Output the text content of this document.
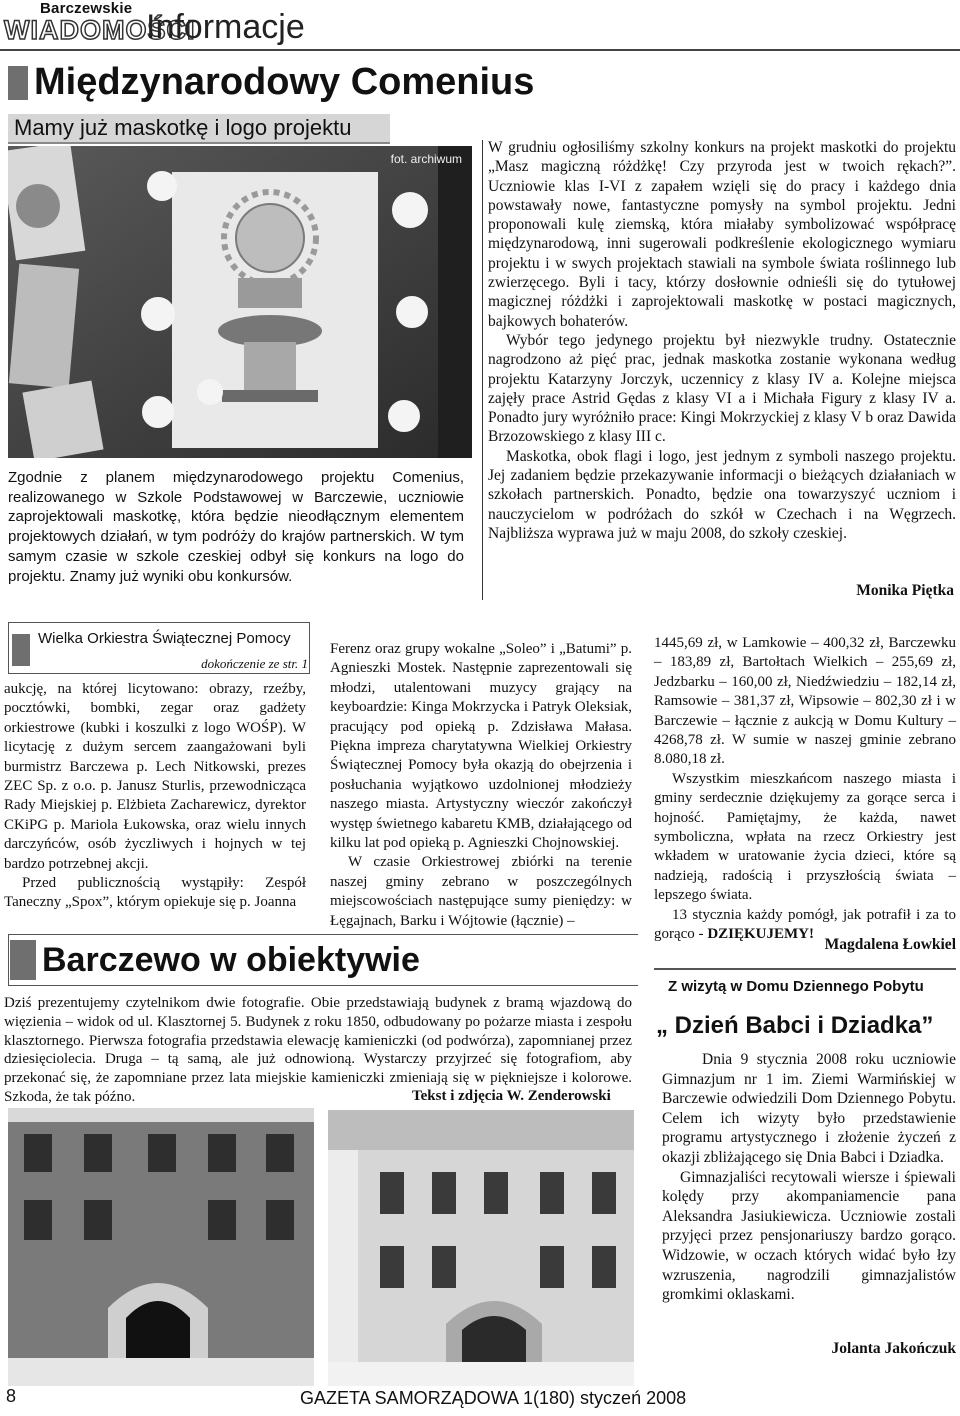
Barczewskie
WIADOMOŚCI
Informacje
Międzynarodowy Comenius
Mamy już maskotkę i logo projektu
fot. archiwum
Zgodnie z planem międzynarodowego projektu Comenius, realizowanego w Szkole Podstawowej w Barczewie, uczniowie zaprojektowali maskotkę, która będzie nieodłącznym elementem projektowych działań, w tym podróży do krajów partnerskich. W tym samym czasie w szkole czeskiej odbył się konkurs na logo do projektu. Znamy już wyniki obu konkursów.

W grudniu ogłosiliśmy szkolny konkurs na projekt maskotki do projektu „Masz magiczną różdżkę! Czy przyroda jest w twoich rękach?”. Uczniowie klas I-VI z zapałem wzięli się do pracy i każdego dnia powstawały nowe, fantastyczne pomysły na symbol projektu. Jedni proponowali kulę ziemską, która miałaby symbolizować współpracę międzynarodową, inni sugerowali podkreślenie ekologicznego wymiaru projektu i w swych projektach stawiali na symbole świata roślinnego lub zwierzęcego. Byli i tacy, którzy dosłownie odnieśli się do tytułowej magicznej różdżki i zaprojektowali maskotkę w postaci magicznych, bajkowych bohaterów.

Wybór tego jedynego projektu był niezwykle trudny. Ostatecznie nagrodzono aż pięć prac, jednak maskotka zostanie wykonana według projektu Katarzyny Jorczyk, uczennicy z klasy IV a. Kolejne miejsca zajęły prace Astrid Gędas z klasy VI a i Michała Figury z klasy IV a. Ponadto jury wyróżniło prace: Kingi Mokrzyckiej z klasy V b oraz Dawida Brzozowskiego z klasy III c.

Maskotka, obok flagi i logo, jest jednym z symboli naszego projektu. Jej zadaniem będzie przekazywanie informacji o bieżących działaniach w szkołach partnerskich. Ponadto, będzie ona towarzyszyć uczniom i nauczycielom w podróżach do szkół w Czechach i na Węgrzech. Najbliższa wyprawa już w maju 2008, do szkoły czeskiej.

Monika Piętka
Wielka Orkiestra Świątecznej Pomocy
dokończenie ze str. 1

aukcję, na której licytowano: obrazy, rzeźby, pocztówki, bombki, zegar oraz gadżety orkiestrowe (kubki i koszulki z logo WOŚP). W licytację z dużym sercem zaangażowani byli burmistrz Barczewa p. Lech Nitkowski, prezes ZEC Sp. z o.o. p. Janusz Sturlis, przewodnicząca Rady Miejskiej p. Elżbieta Zacharewicz, dyrektor CKiPG p. Mariola Łukowska, oraz wielu innych darczyńców, osób życzliwych i hojnych w tej bardzo potrzebnej akcji.

Przed publicznością wystąpiły: Zespół Taneczny „Spox”, którym opiekuje się p. Joanna

Ferenz oraz grupy wokalne „Soleo” i „Batumi” p. Agnieszki Mostek. Następnie zaprezentowali się młodzi, utalentowani muzycy grający na keyboardzie: Kinga Mokrzycka i Patryk Oleksiak, pracujący pod opieką p. Zdzisława Małasa. Piękna impreza charytatywna Wielkiej Orkiestry Świątecznej Pomocy była okazją do obejrzenia i posłuchania wyjątkowo uzdolnionej młodzieży naszego miasta. Artystyczny wieczór zakończył występ świetnego kabaretu KMB, działającego od kilku lat pod opieką p. Agnieszki Chojnowskiej.

W czasie Orkiestrowej zbiórki na terenie naszej gminy zebrano w poszczególnych miejscowościach następujące sumy pieniędzy: w Łęgajnach, Barku i Wójtowie (łącznie) –

1445,69 zł, w Lamkowie – 400,32 zł, Barczewku – 183,89 zł, Bartołtach Wielkich – 255,69 zł, Jedzbarku – 160,00 zł, Niedźwiedziu – 182,14 zł, Ramsowie – 381,37 zł, Wipsowie – 802,30 zł i w Barczewie – łącznie z aukcją w Domu Kultury – 4268,78 zł. W sumie w naszej gminie zebrano 8.080,18 zł.

Wszystkim mieszkańcom naszego miasta i gminy serdecznie dziękujemy za gorące serca i hojność. Pamiętajmy, że każda, nawet symboliczna, wpłata na rzecz Orkiestry jest wkładem w uratowanie życia dzieci, które są nadzieją, radością i przyszłością świata – lepszego świata.

13 stycznia każdy pomógł, jak potrafił i za to gorąco - DZIĘKUJEMY!

Magdalena Łowkiel
Barczewo w obiektywie
Dziś prezentujemy czytelnikom dwie fotografie. Obie przedstawiają budynek z bramą wjazdową do więzienia – widok od ul. Klasztornej 5. Budynek z roku 1850, odbudowany po pożarze miasta i zespołu klasztornego. Pierwsza fotografia przedstawia elewację kamieniczki (od podwórza), zapomnianej przez dziesięciolecia. Druga – tą samą, ale już odnowioną. Wystarczy przyjrzeć się fotografiom, aby przekonać się, że zapomniane przez lata miejskie kamieniczki zmieniają się w piękniejsze i kolorowe. Szkoda, że tak późno.	Tekst i zdjęcia W. Zenderowski
Z wizytą w Domu Dziennego Pobytu
„ Dzień Babci i Dziadka”

Dnia 9 stycznia 2008 roku uczniowie Gimnazjum nr 1 im. Ziemi Warmińskiej w Barczewie odwiedzili Dom Dziennego Pobytu. Celem ich wizyty było przedstawienie programu artystycznego i złożenie życzeń z okazji zbliżającego się Dnia Babci i Dziadka.

Gimnazjaliści recytowali wiersze i śpiewali kolędy przy akompaniamencie pana Aleksandra Jasiukiewicza. Uczniowie zostali przyjęci przez pensjonariuszy bardzo gorąco. Widzowie, w oczach których widać było łzy wzruszenia, nagrodzili gimnazjalistów gromkimi oklaskami.

Jolanta Jakończuk
8	GAZETA SAMORZĄDOWA 1(180) styczeń 2008
